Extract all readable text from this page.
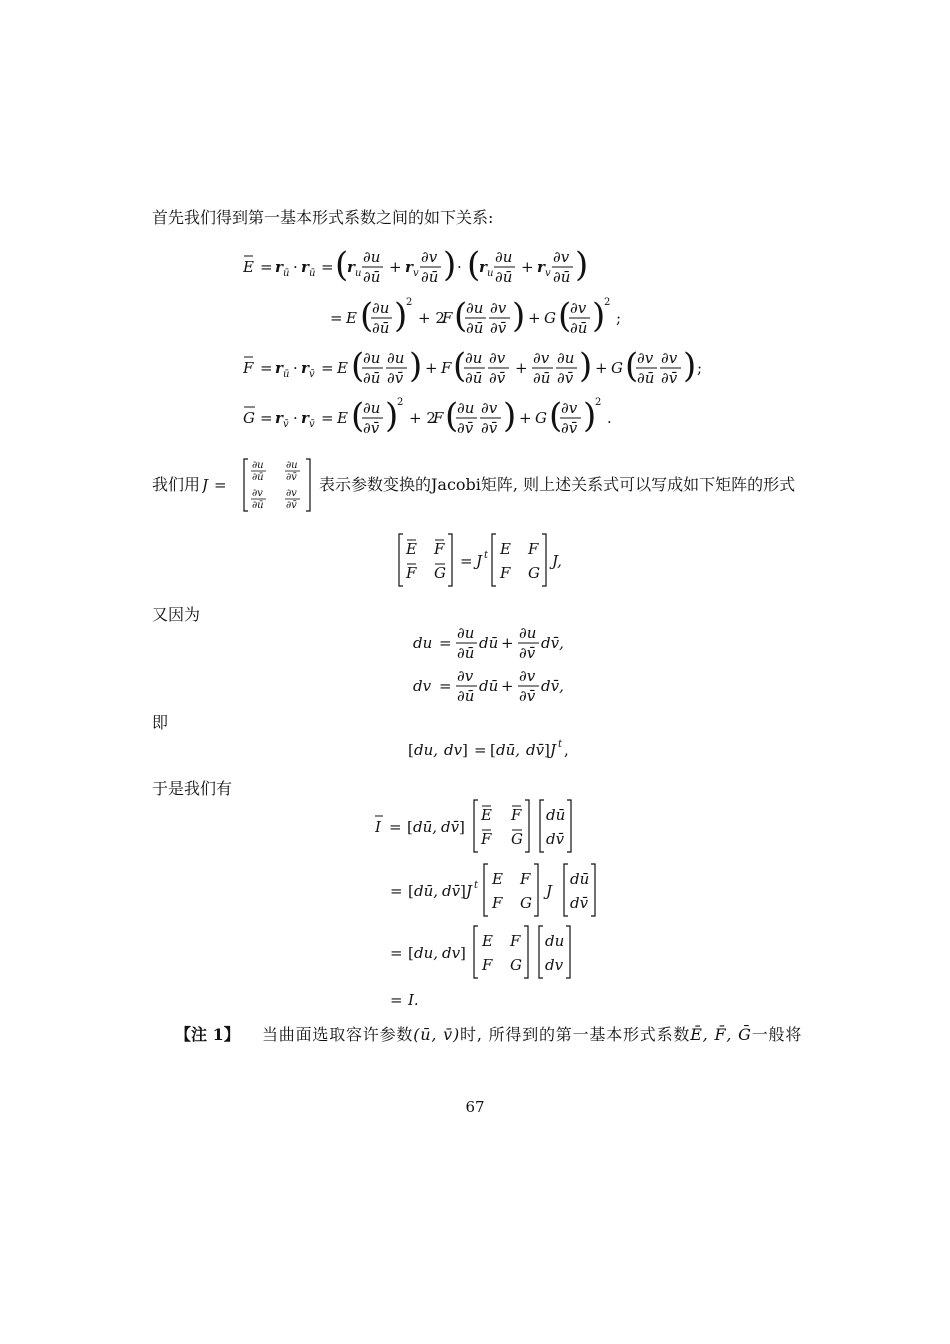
首先我们得到第一基本形式系数之间的如下关系:
E = r ū · r ū = (
r u
∂u
∂ū
+ r v
∂v
∂ū ) · (
r u
∂u
∂ū
+ r v
∂v
∂ū )
= E (
∂u
∂ū )
2
+ 2
F (
∂u
∂ū
∂v
∂v̄ ) + G (
∂v
∂ū )
2
;
F = r ū · r v̄ = E (
∂u
∂ū
∂u
∂v̄ ) + F (
∂u
∂ū
∂v
∂v̄
+
∂v
∂ū
∂u
∂v̄ ) + G (
∂v
∂ū
∂v
∂v̄ ) ;
G = r v̄ · r v̄ = E (
∂u
∂v̄ )
2
+ 2
F (
∂u
∂v̄
∂v
∂v̄ ) + G (
∂v
∂v̄ )
2
.
我们用 J =
∂u
∂ū
∂u
∂v̄
∂v
∂ū
∂v
∂v̄
表示参数变换的Jacobi矩阵, 则上述关系式可以写成如下矩阵的形式
E F
F G
= J t E F
F G
J,
又因为
du =
∂u
∂ū
dū +
∂u
∂v̄
dv̄,
dv =
∂v
∂ū
dū +
∂v
∂v̄
dv̄,
即
[ du, dv ] = [ dū, dv̄ ] J t ,
于是我们有
I = [ dū, dv̄ ]
E F
F G
dū
dv̄
= [ dū, dv̄ ] J t E F
F G
J
dū
dv̄
= [ du, dv ]
E F
F G
du
dv
= I.
【注 1】 当曲面选取容许参数(ū, v̄)时, 所得到的第一基本形式系数Ē, F̄, Ḡ一般将
67
